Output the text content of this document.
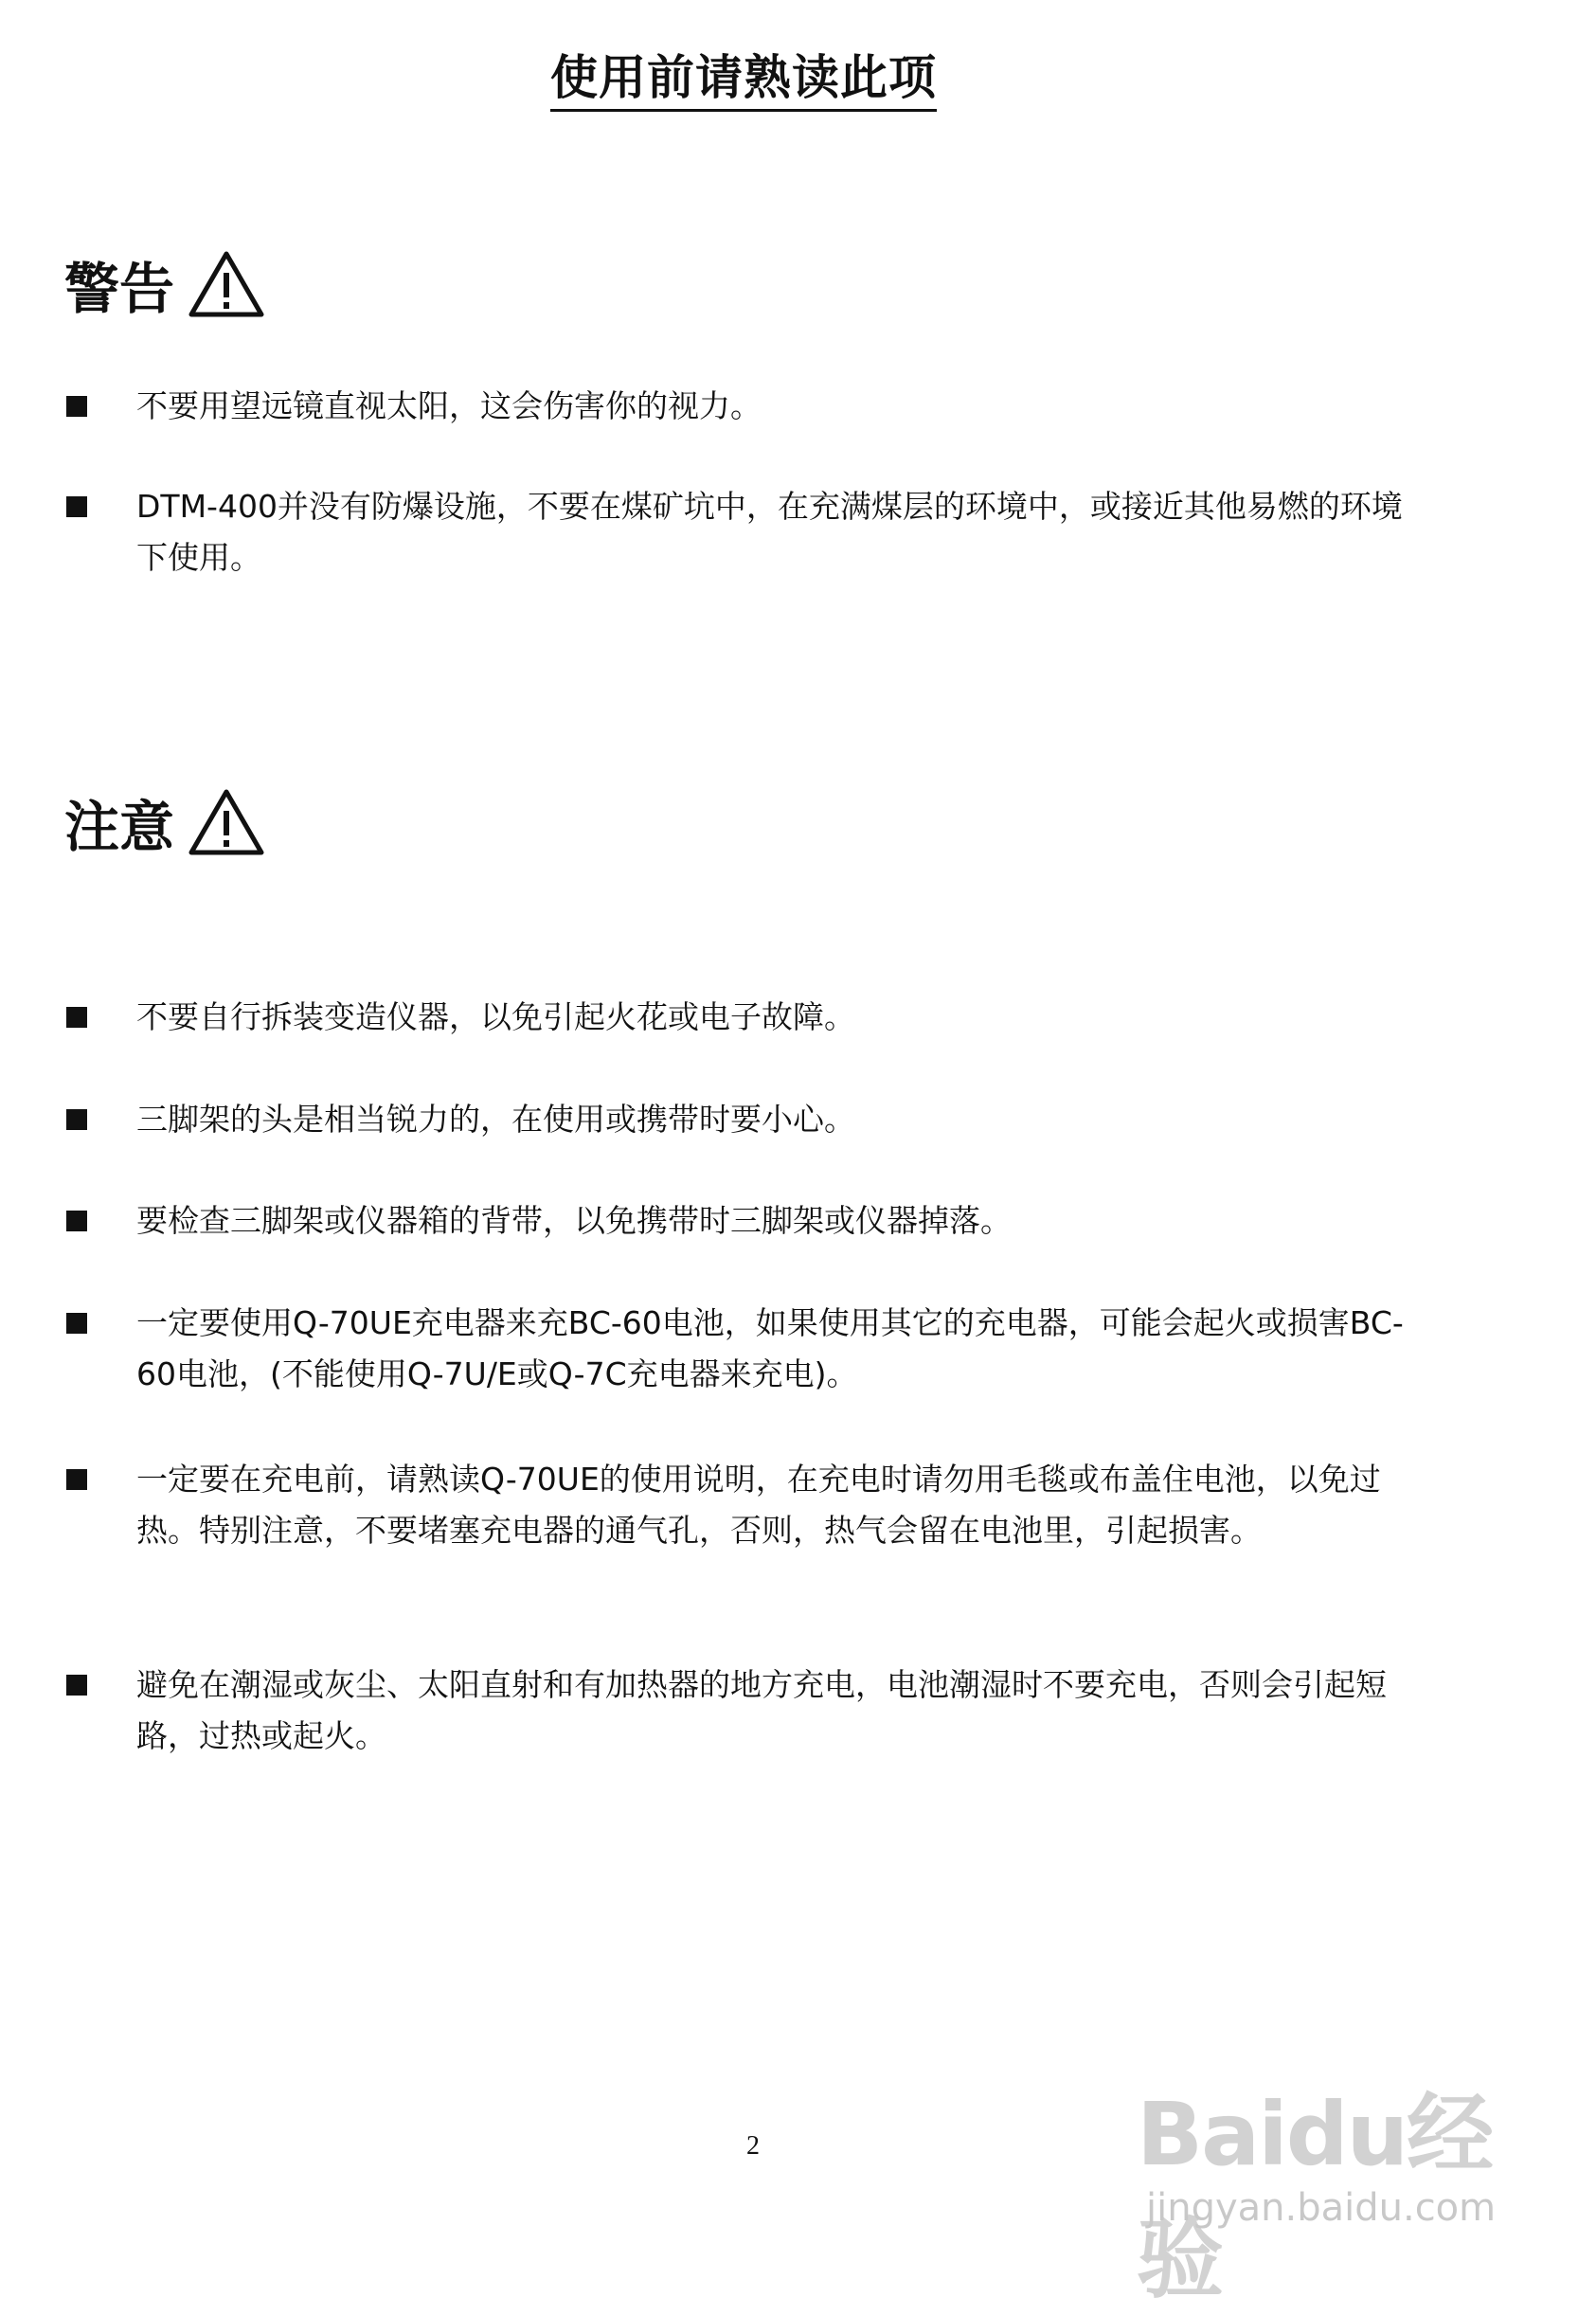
使用前请熟读此项
警告
不要用望远镜直视太阳，这会伤害你的视力。
DTM-400并没有防爆设施，不要在煤矿坑中，在充满煤层的环境中，或接近其他易燃的环境下使用。
注意
不要自行拆装变造仪器，以免引起火花或电子故障。
三脚架的头是相当锐力的，在使用或携带时要小心。
要检查三脚架或仪器箱的背带，以免携带时三脚架或仪器掉落。
一定要使用Q-70UE充电器来充BC-60电池，如果使用其它的充电器，可能会起火或损害BC-60电池，(不能使用Q-7U/E或Q-7C充电器来充电)。
一定要在充电前，请熟读Q-70UE的使用说明，在充电时请勿用毛毯或布盖住电池，以免过热。特别注意，不要堵塞充电器的通气孔，否则，热气会留在电池里，引起损害。
避免在潮湿或灰尘、太阳直射和有加热器的地方充电，电池潮湿时不要充电，否则会引起短路，过热或起火。
2	Baidu经验
jingyan.baidu.com
